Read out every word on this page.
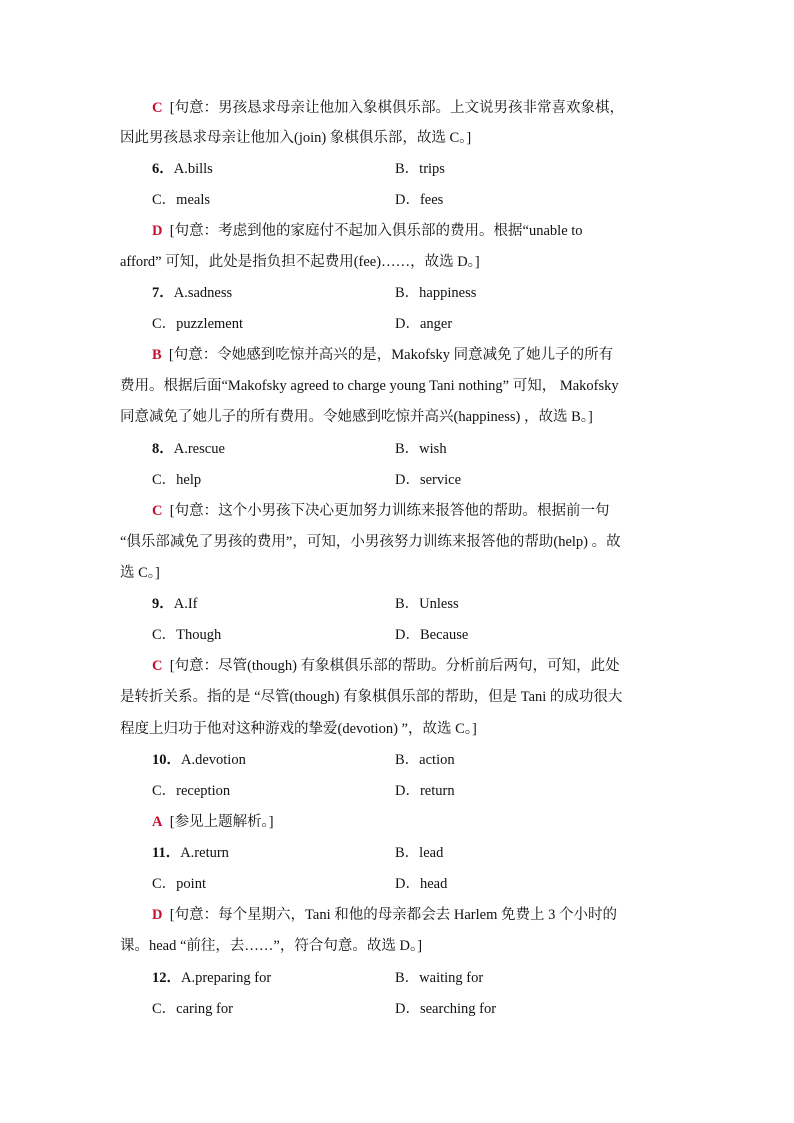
C [句意：男孩恳求母亲让他加入象棋俱乐部。上文说男孩非常喜欢象棋，
因此男孩恳求母亲让他加入(join) 象棋俱乐部，故选 C。]
6．A.bills	B．trips
C．meals	D．fees
D [句意：考虑到他的家庭付不起加入俱乐部的费用。根据“unable to
afford” 可知，此处是指负担不起费用(fee)……，故选 D。]
7．A.sadness	B．happiness
C．puzzlement	D．anger
B [句意：令她感到吃惊并高兴的是，Makofsky 同意减免了她儿子的所有
费用。根据后面“Makofsky agreed to charge young Tani nothing” 可知， Makofsky
同意减免了她儿子的所有费用。令她感到吃惊并高兴(happiness) ，故选 B。]
8．A.rescue	B．wish
C．help	D．service
C [句意：这个小男孩下决心更加努力训练来报答他的帮助。根据前一句
“俱乐部减免了男孩的费用”，可知，小男孩努力训练来报答他的帮助(help) 。故
选 C。]
9．A.If	B．Unless
C．Though	D．Because
C [句意：尽管(though) 有象棋俱乐部的帮助。分析前后两句，可知，此处
是转折关系。指的是 “尽管(though) 有象棋俱乐部的帮助，但是 Tani 的成功很大
程度上归功于他对这种游戏的挚爱(devotion) ”，故选 C。]
10．A.devotion	B．action
C．reception	D．return
A [参见上题解析。]
11．A.return	B．lead
C．point	D．head
D [句意：每个星期六，Tani 和他的母亲都会去 Harlem 免费上 3 个小时的
课。head “前往，去……”，符合句意。故选 D。]
12．A.preparing for	B．waiting for
C．caring for	D．searching for
